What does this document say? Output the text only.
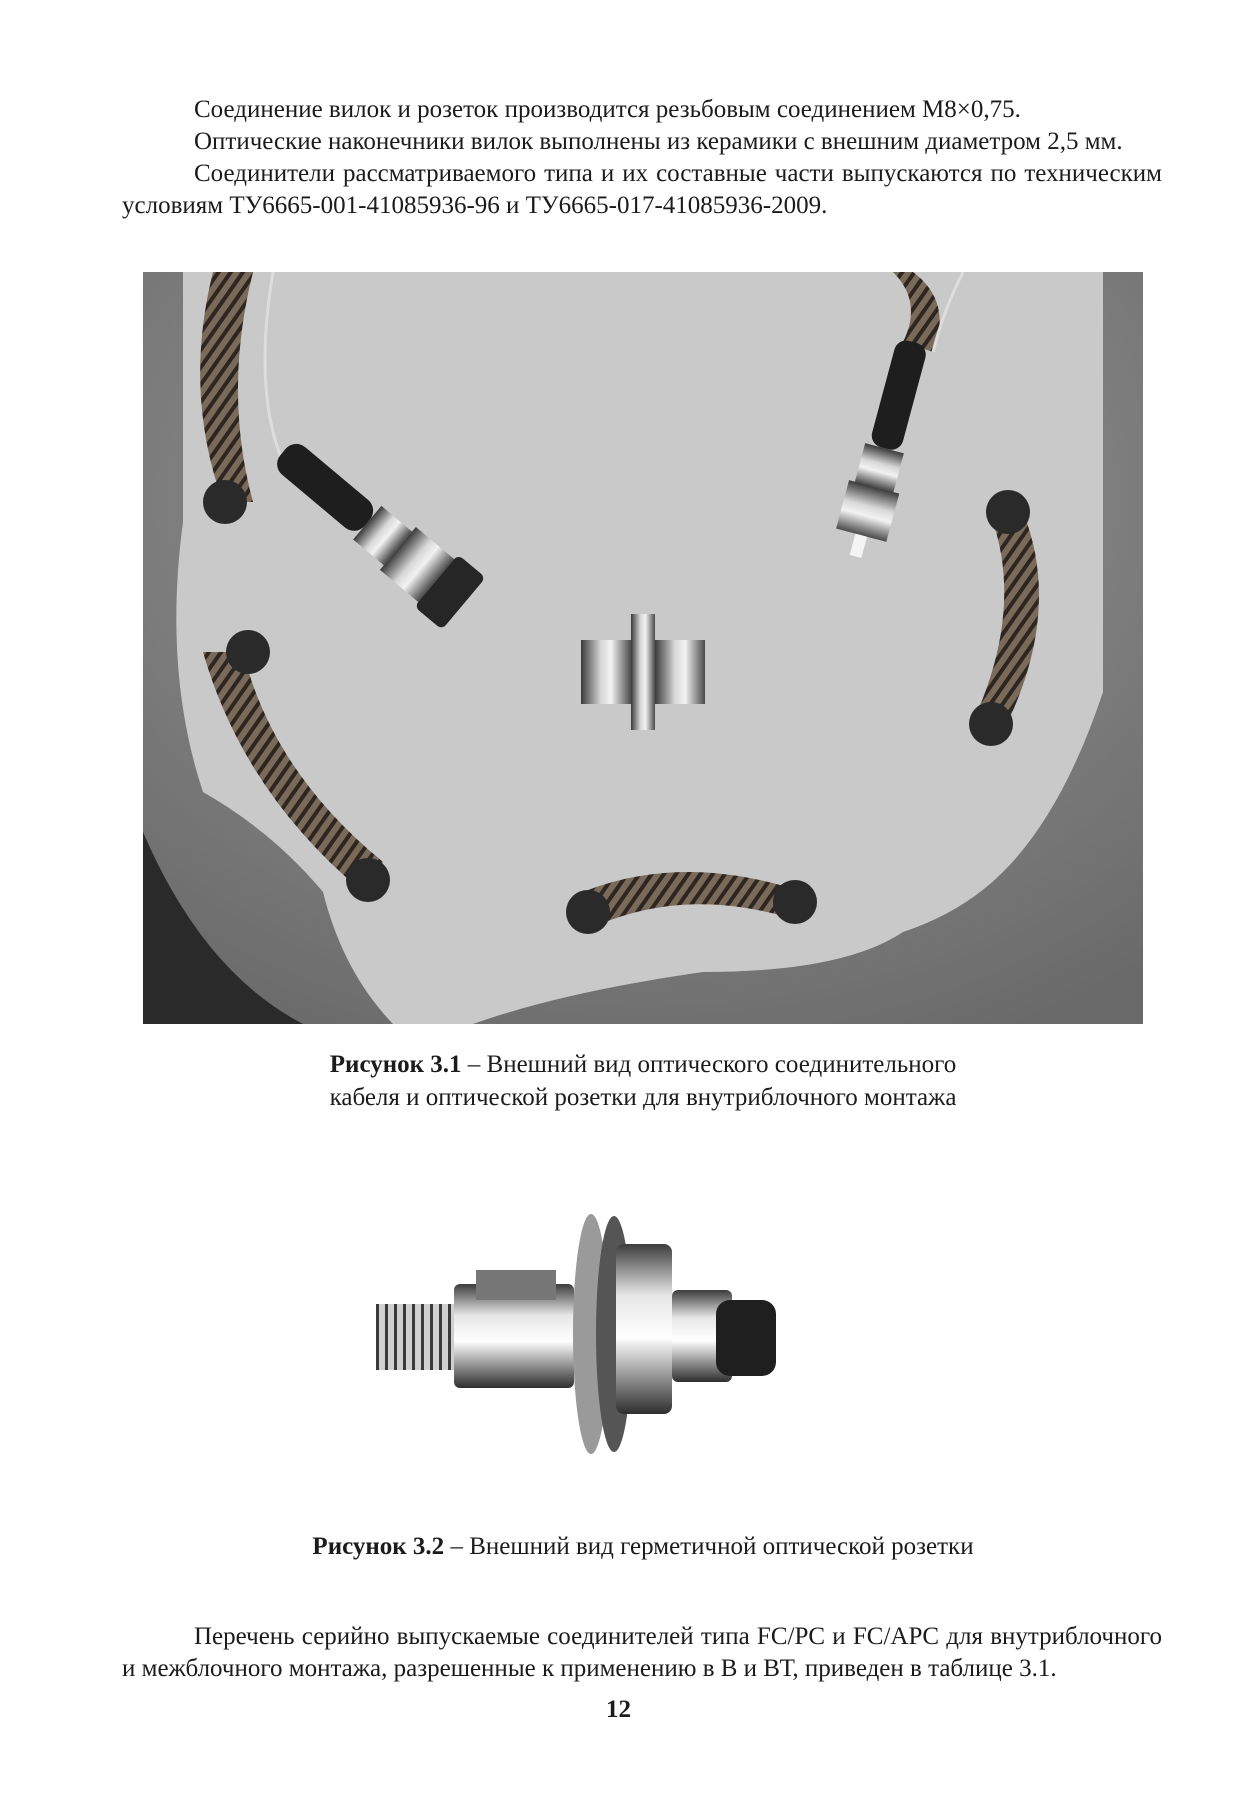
Соединение вилок и розеток производится резьбовым соединением М8×0,75.

Оптические наконечники вилок выполнены из керамики с внешним диаметром 2,5 мм.

Соединители рассматриваемого типа и их составные части выпускаются по техническим условиям ТУ6665-001-41085936-96 и ТУ6665-017-41085936-2009.

Рисунок 3.1 – Внешний вид оптического соединительного
кабеля и оптической розетки для внутриблочного монтажа
Рисунок 3.2 – Внешний вид герметичной оптической розетки

Перечень серийно выпускаемые соединителей типа FC/PC и FC/APC для внутриблочного и межблочного монтажа, разрешенные к применению в В и ВТ, приведен в таблице 3.1.

12
